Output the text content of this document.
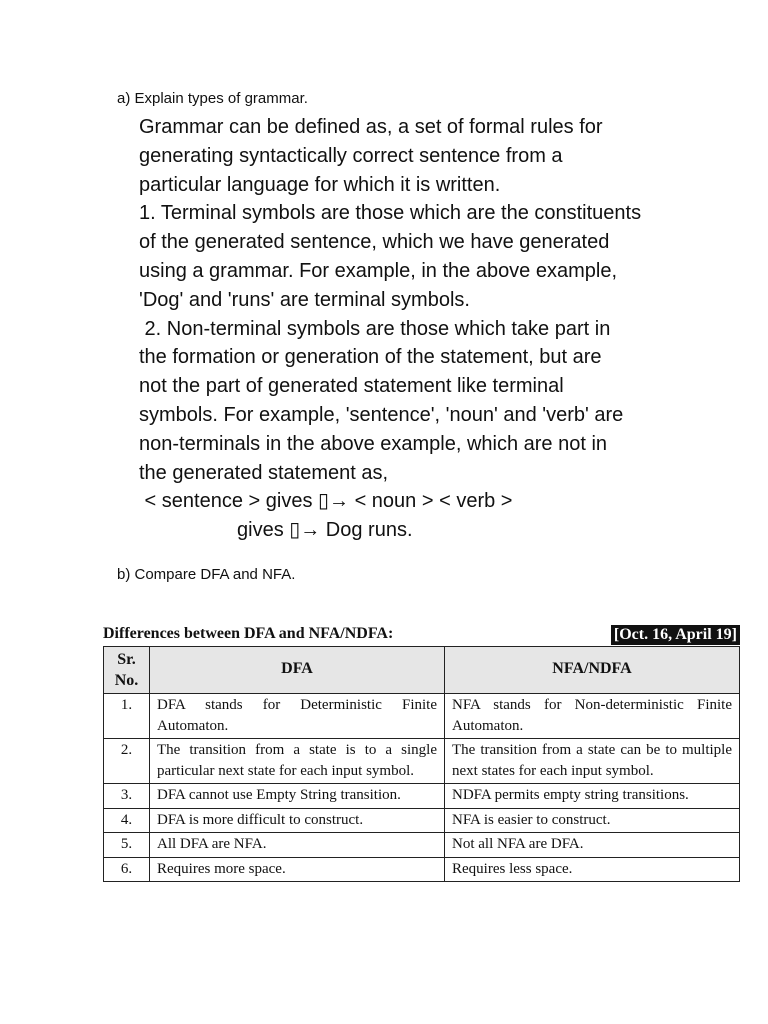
a) Explain types of grammar.

Grammar can be defined as, a set of formal rules for

generating syntactically correct sentence from a

particular language for which it is written.

1. Terminal symbols are those which are the constituents

of the generated sentence, which we have generated

using a grammar. For example, in the above example,

'Dog' and 'runs' are terminal symbols.

2. Non-terminal symbols are those which take part in

the formation or generation of the statement, but are

not the part of generated statement like terminal

symbols. For example, 'sentence', 'noun' and 'verb' are

non-terminals in the above example, which are not in

the generated statement as,

< sentence > gives ▯→ < noun > < verb >

gives ▯→ Dog runs.

b) Compare DFA and NFA.
Differences between DFA and NFA/NDFA:	[Oct. 16, April 19]
Sr. No.	DFA	NFA/NDFA
1.	DFA stands for Deterministic Finite Automaton.	NFA stands for Non-deterministic Finite Automaton.
2.	The transition from a state is to a single particular next state for each input symbol.	The transition from a state can be to multiple next states for each input symbol.
3.	DFA cannot use Empty String transition.	NDFA permits empty string transitions.
4.	DFA is more difficult to construct.	NFA is easier to construct.
5.	All DFA are NFA.	Not all NFA are DFA.
6.	Requires more space.	Requires less space.
